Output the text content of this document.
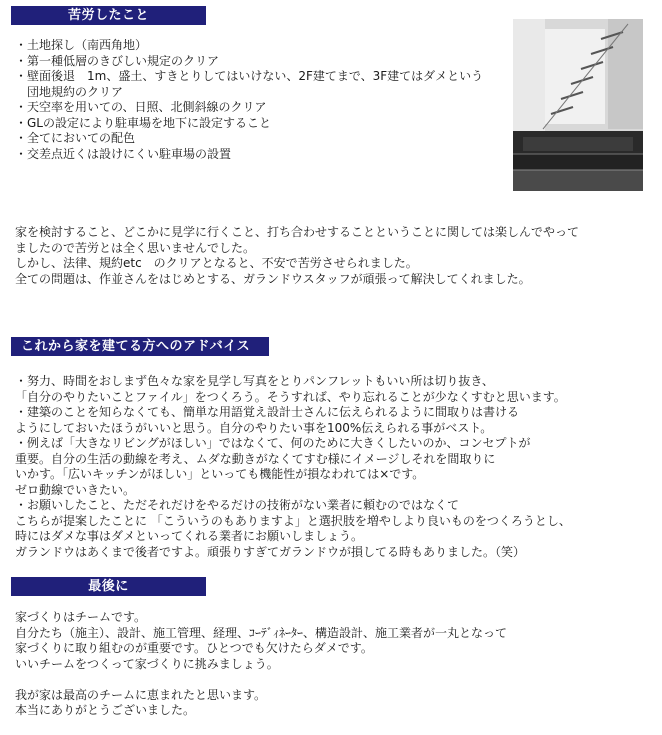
苦労したこと
・土地探し（南西角地）
・第一種低層のきびしい規定のクリア
・壁面後退　1m、盛土、すきとりしてはいけない、2F建てまで、3F建てはダメという
　団地規約のクリア
・天空率を用いての、日照、北側斜線のクリア
・GLの設定により駐車場を地下に設定すること
・全てにおいての配色
・交差点近くは設けにくい駐車場の設置
家を検討すること、どこかに見学に行くこと、打ち合わせすることということに関しては楽しんでやって
ましたので苦労とは全く思いませんでした。
しかし、法律、規約etc　のクリアとなると、不安で苦労させられました。
全ての問題は、作並さんをはじめとする、ガランドウスタッフが頑張って解決してくれました。
これから家を建てる方へのアドバイス
・努力、時間をおしまず色々な家を見学し写真をとりパンフレットもいい所は切り抜き、
「自分のやりたいことファイル」をつくろう。そうすれば、やり忘れることが少なくすむと思います。
・建築のことを知らなくても、簡単な用語覚え設計士さんに伝えられるように間取りは書ける
ようにしておいたほうがいいと思う。自分のやりたい事を100%伝えられる事がベスト。
・例えば「大きなリビングがほしい」ではなくて、何のために大きくしたいのか、コンセプトが
重要。自分の生活の動線を考え、ムダな動きがなくてすむ様にイメージしそれを間取りに
いかす。「広いキッチンがほしい」といっても機能性が損なわれては×です。
ゼロ動線でいきたい。
・お願いしたこと、ただそれだけをやるだけの技術がない業者に頼むのではなくて
こちらが提案したことに 「こういうのもありますよ」と選択肢を増やしより良いものをつくろうとし、
時にはダメな事はダメといってくれる業者にお願いしましょう。
ガランドウはあくまで後者ですよ。頑張りすぎてガランドウが損してる時もありました。（笑）
最後に
家づくりはチームです。
自分たち（施主）、設計、施工管理、経理、ｺｰﾃﾞｨﾈｰﾀｰ、構造設計、施工業者が一丸となって
家づくりに取り組むのが重要です。ひとつでも欠けたらダメです。
いいチームをつくって家づくりに挑みましょう。
我が家は最高のチームに恵まれたと思います。
本当にありがとうございました。
